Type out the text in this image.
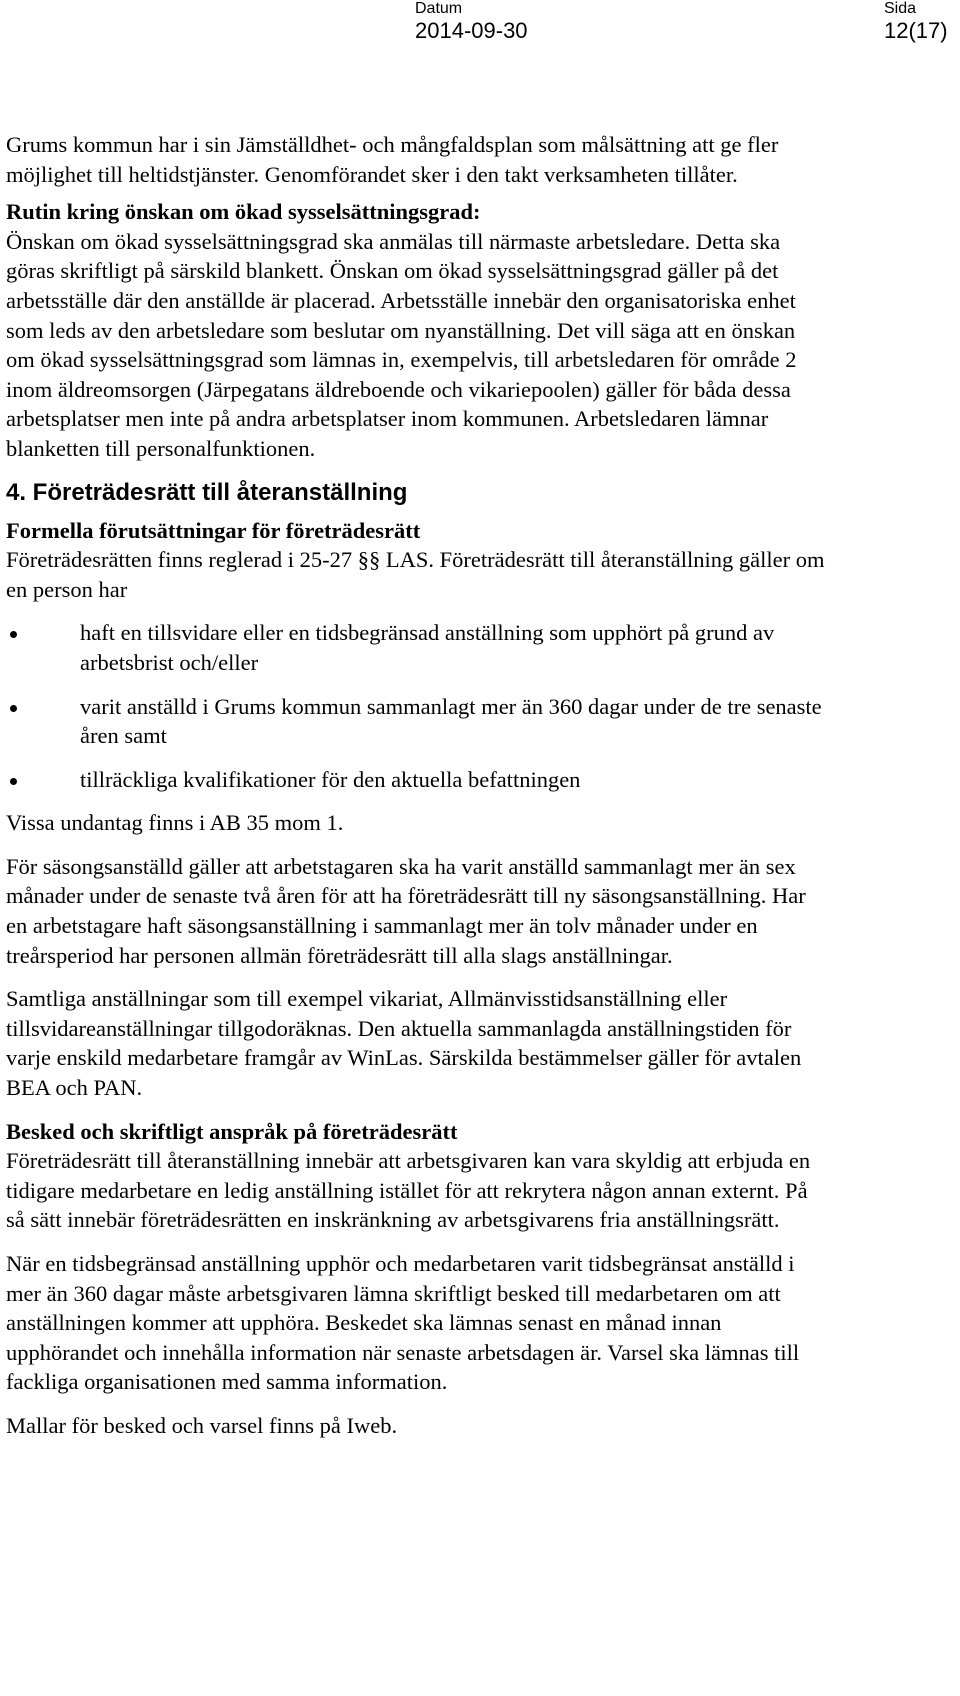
Datum
2014-09-30
Sida
12(17)

Grums kommun har i sin Jämställdhet- och mångfaldsplan som målsättning att ge fler möjlighet till heltidstjänster. Genomförandet sker i den takt verksamheten tillåter.

Rutin kring önskan om ökad sysselsättningsgrad:

Önskan om ökad sysselsättningsgrad ska anmälas till närmaste arbetsledare. Detta ska göras skriftligt på särskild blankett. Önskan om ökad sysselsättningsgrad gäller på det arbetsställe där den anställde är placerad. Arbetsställe innebär den organisatoriska enhet som leds av den arbetsledare som beslutar om nyanställning. Det vill säga att en önskan om ökad sysselsättningsgrad som lämnas in, exempelvis, till arbetsledaren för område 2 inom äldreomsorgen (Järpegatans äldreboende och vikariepoolen) gäller för båda dessa arbetsplatser men inte på andra arbetsplatser inom kommunen. Arbetsledaren lämnar blanketten till personalfunktionen.

4. Företrädesrätt till återanställning

Formella förutsättningar för företrädesrätt

Företrädesrätten finns reglerad i 25-27 §§ LAS. Företrädesrätt till återanställning gäller om en person har

haft en tillsvidare eller en tidsbegränsad anställning som upphört på grund av arbetsbrist och/eller
varit anställd i Grums kommun sammanlagt mer än 360 dagar under de tre senaste åren samt
tillräckliga kvalifikationer för den aktuella befattningen

Vissa undantag finns i AB 35 mom 1.

För säsongsanställd gäller att arbetstagaren ska ha varit anställd sammanlagt mer än sex månader under de senaste två åren för att ha företrädesrätt till ny säsongsanställning. Har en arbetstagare haft säsongsanställning i sammanlagt mer än tolv månader under en treårsperiod har personen allmän företrädesrätt till alla slags anställningar.

Samtliga anställningar som till exempel vikariat, Allmänvisstidsanställning eller tillsvidareanställningar tillgodoräknas. Den aktuella sammanlagda anställningstiden för varje enskild medarbetare framgår av WinLas. Särskilda bestämmelser gäller för avtalen BEA och PAN.

Besked och skriftligt anspråk på företrädesrätt

Företrädesrätt till återanställning innebär att arbetsgivaren kan vara skyldig att erbjuda en tidigare medarbetare en ledig anställning istället för att rekrytera någon annan externt. På så sätt innebär företrädesrätten en inskränkning av arbetsgivarens fria anställningsrätt.

När en tidsbegränsad anställning upphör och medarbetaren varit tidsbegränsat anställd i mer än 360 dagar måste arbetsgivaren lämna skriftligt besked till medarbetaren om att anställningen kommer att upphöra. Beskedet ska lämnas senast en månad innan upphörandet och innehålla information när senaste arbetsdagen är. Varsel ska lämnas till fackliga organisationen med samma information.

Mallar för besked och varsel finns på Iweb.
